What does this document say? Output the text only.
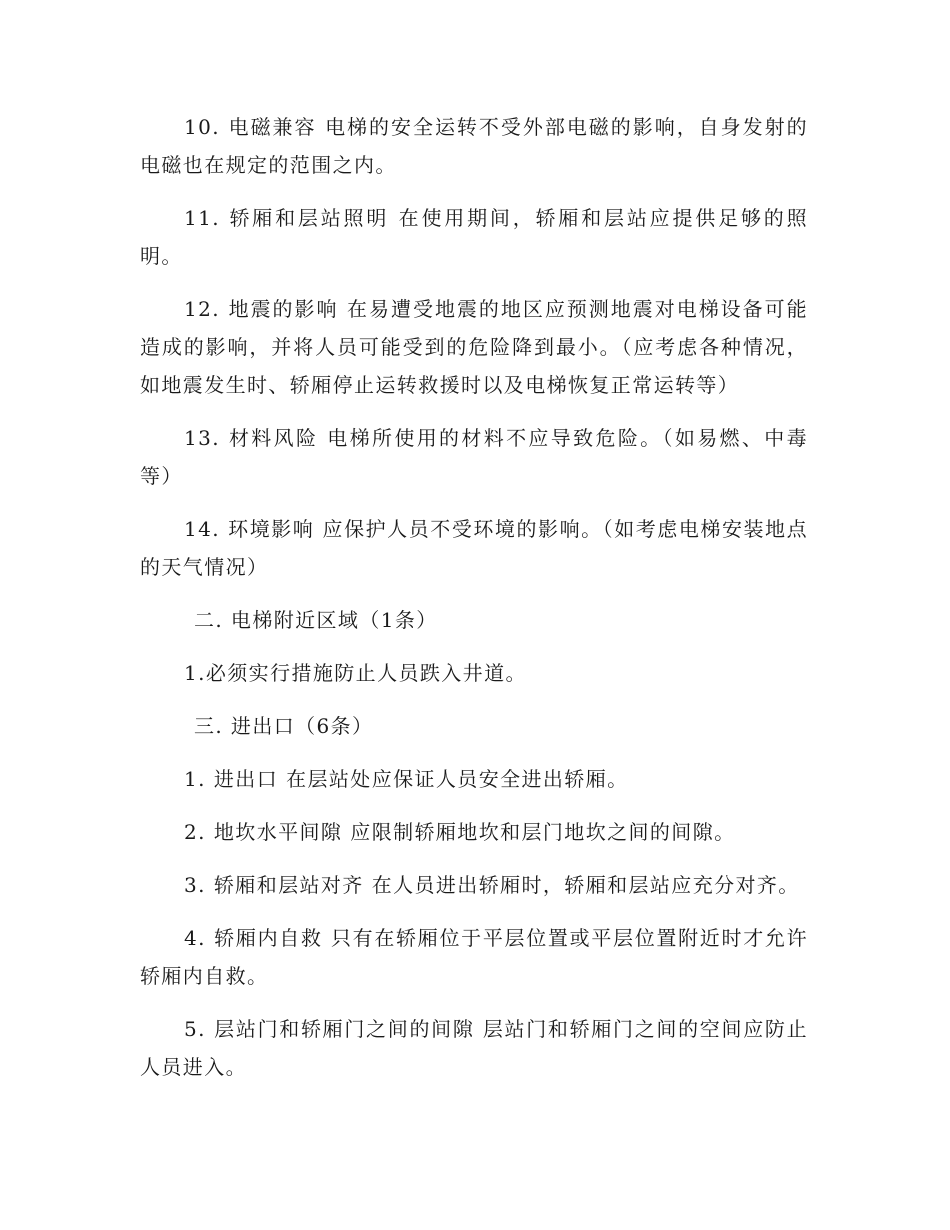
10. 电磁兼容 电梯的安全运转不受外部电磁的影响，自身发射的电磁也在规定的范围之内。

11. 轿厢和层站照明 在使用期间，轿厢和层站应提供足够的照明。

12. 地震的影响 在易遭受地震的地区应预测地震对电梯设备可能造成的影响，并将人员可能受到的危险降到最小。（应考虑各种情况，如地震发生时、轿厢停止运转救援时以及电梯恢复正常运转等）

13. 材料风险 电梯所使用的材料不应导致危险。（如易燃、中毒等）

14. 环境影响 应保护人员不受环境的影响。（如考虑电梯安装地点的天气情况）

二. 电梯附近区域（1条）

1.必须实行措施防止人员跌入井道。

三. 进出口（6条）

1. 进出口 在层站处应保证人员安全进出轿厢。

2. 地坎水平间隙 应限制轿厢地坎和层门地坎之间的间隙。

3. 轿厢和层站对齐 在人员进出轿厢时，轿厢和层站应充分对齐。

4. 轿厢内自救 只有在轿厢位于平层位置或平层位置附近时才允许轿厢内自救。

5. 层站门和轿厢门之间的间隙 层站门和轿厢门之间的空间应防止人员进入。
